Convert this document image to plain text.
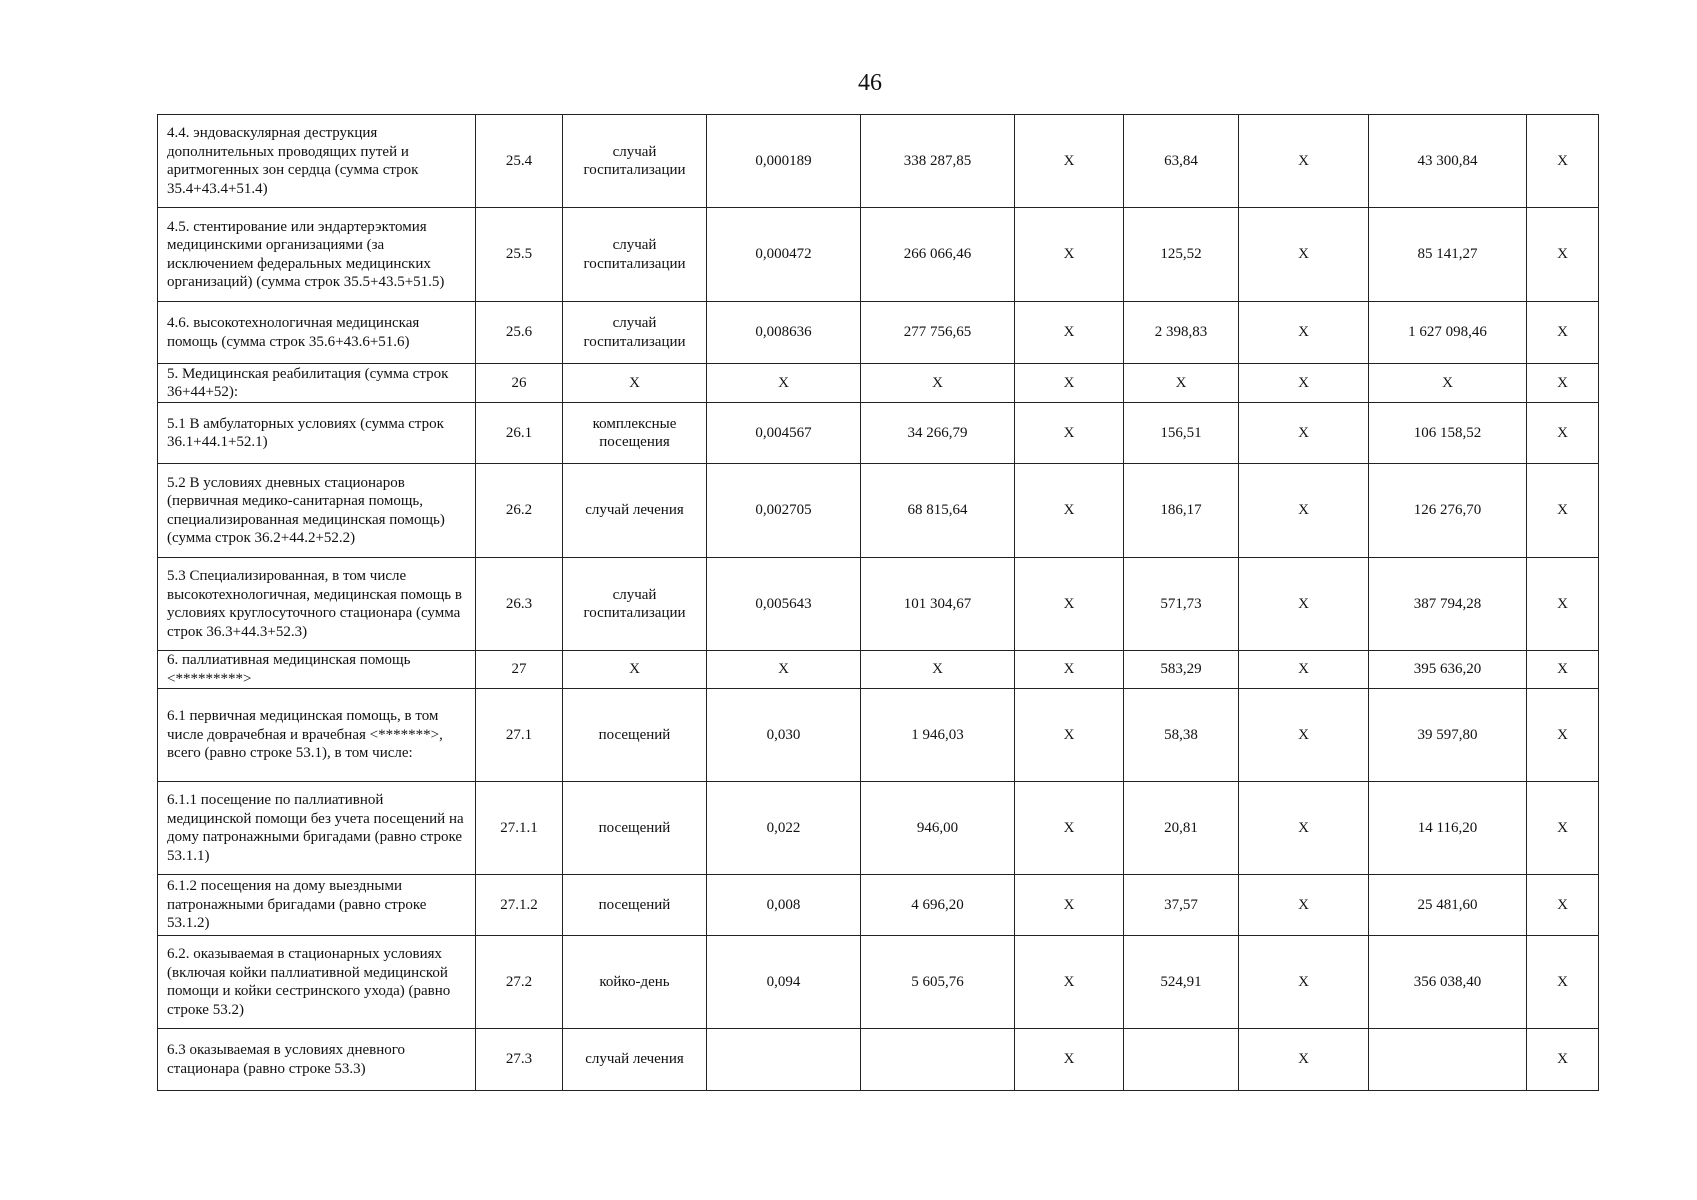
46
4.4. эндоваскулярная деструкция дополнительных проводящих путей и аритмогенных зон сердца (сумма строк 35.4+43.4+51.4)	25.4	случай госпитализации	0,000189	338 287,85	X	63,84	X	43 300,84	X
4.5. стентирование или эндартерэктомия медицинскими организациями (за исключением федеральных медицинских организаций) (сумма строк 35.5+43.5+51.5)	25.5	случай госпитализации	0,000472	266 066,46	X	125,52	X	85 141,27	X
4.6. высокотехнологичная медицинская помощь (сумма строк 35.6+43.6+51.6)	25.6	случай госпитализации	0,008636	277 756,65	X	2 398,83	X	1 627 098,46	X
5. Медицинская реабилитация (сумма строк 36+44+52):	26	X	X	X	X	X	X	X	X
5.1 В амбулаторных условиях (сумма строк 36.1+44.1+52.1)	26.1	комплексные посещения	0,004567	34 266,79	X	156,51	X	106 158,52	X
5.2 В условиях дневных стационаров (первичная медико-санитарная помощь, специализированная медицинская помощь) (сумма строк 36.2+44.2+52.2)	26.2	случай лечения	0,002705	68 815,64	X	186,17	X	126 276,70	X
5.3 Специализированная, в том числе высокотехнологичная, медицинская помощь в условиях круглосуточного стационара (сумма строк 36.3+44.3+52.3)	26.3	случай госпитализации	0,005643	101 304,67	X	571,73	X	387 794,28	X
6. паллиативная медицинская помощь <*********>	27	X	X	X	X	583,29	X	395 636,20	X
6.1 первичная медицинская помощь, в том числе доврачебная и врачебная <*******>, всего (равно строке 53.1), в том числе:	27.1	посещений	0,030	1 946,03	X	58,38	X	39 597,80	X
6.1.1 посещение по паллиативной медицинской помощи без учета посещений на дому патронажными бригадами (равно строке 53.1.1)	27.1.1	посещений	0,022	946,00	X	20,81	X	14 116,20	X
6.1.2 посещения на дому выездными патронажными бригадами (равно строке 53.1.2)	27.1.2	посещений	0,008	4 696,20	X	37,57	X	25 481,60	X
6.2. оказываемая в стационарных условиях (включая койки паллиативной медицинской помощи и койки сестринского ухода) (равно строке 53.2)	27.2	койко-день	0,094	5 605,76	X	524,91	X	356 038,40	X
6.3 оказываемая в условиях дневного стационара (равно строке 53.3)	27.3	случай лечения			X		X		X
